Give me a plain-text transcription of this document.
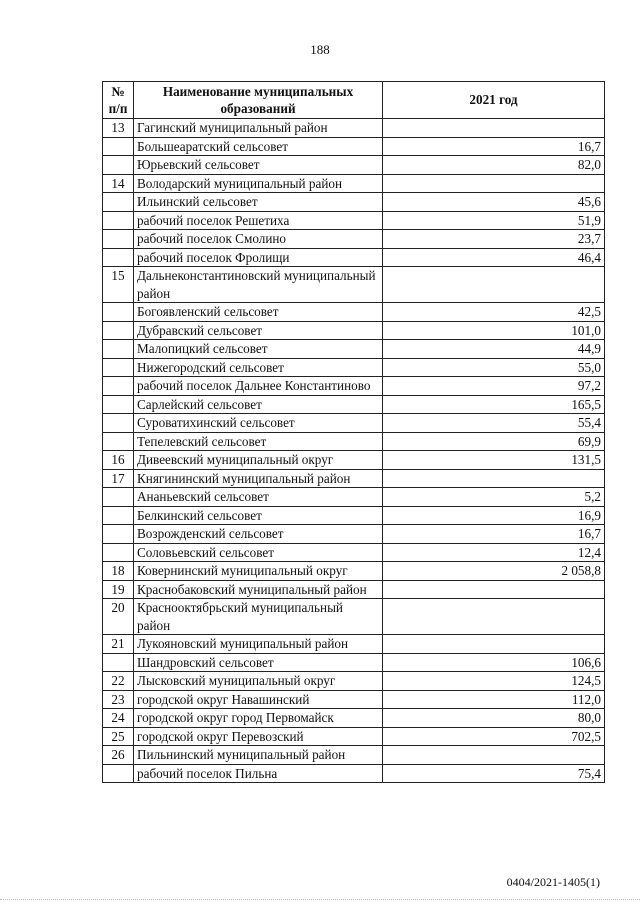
188
№ п/п	Наименование муниципальных образований	2021 год
13	Гагинский муниципальный район	
	Большеаратский сельсовет	16,7
	Юрьевский сельсовет	82,0
14	Володарский муниципальный район	
	Ильинский сельсовет	45,6
	рабочий поселок Решетиха	51,9
	рабочий поселок Смолино	23,7
	рабочий поселок Фролищи	46,4
15	Дальнеконстантиновский муниципальный район	
	Богоявленский сельсовет	42,5
	Дубравский сельсовет	101,0
	Малопицкий сельсовет	44,9
	Нижегородский сельсовет	55,0
	рабочий поселок Дальнее Константиново	97,2
	Сарлейский сельсовет	165,5
	Суроватихинский сельсовет	55,4
	Тепелевский сельсовет	69,9
16	Дивеевский муниципальный округ	131,5
17	Княгининский муниципальный район	
	Ананьевский сельсовет	5,2
	Белкинский сельсовет	16,9
	Возрожденский сельсовет	16,7
	Соловьевский сельсовет	12,4
18	Ковернинский муниципальный округ	2 058,8
19	Краснобаковский муниципальный район	
20	Краснооктябрьский муниципальный район	
21	Лукояновский муниципальный район	
	Шандровский сельсовет	106,6
22	Лысковский муниципальный округ	124,5
23	городской округ Навашинский	112,0
24	городской округ город Первомайск	80,0
25	городской округ Перевозский	702,5
26	Пильнинский муниципальный район	
	рабочий поселок Пильна	75,4
0404/2021-1405(1)
